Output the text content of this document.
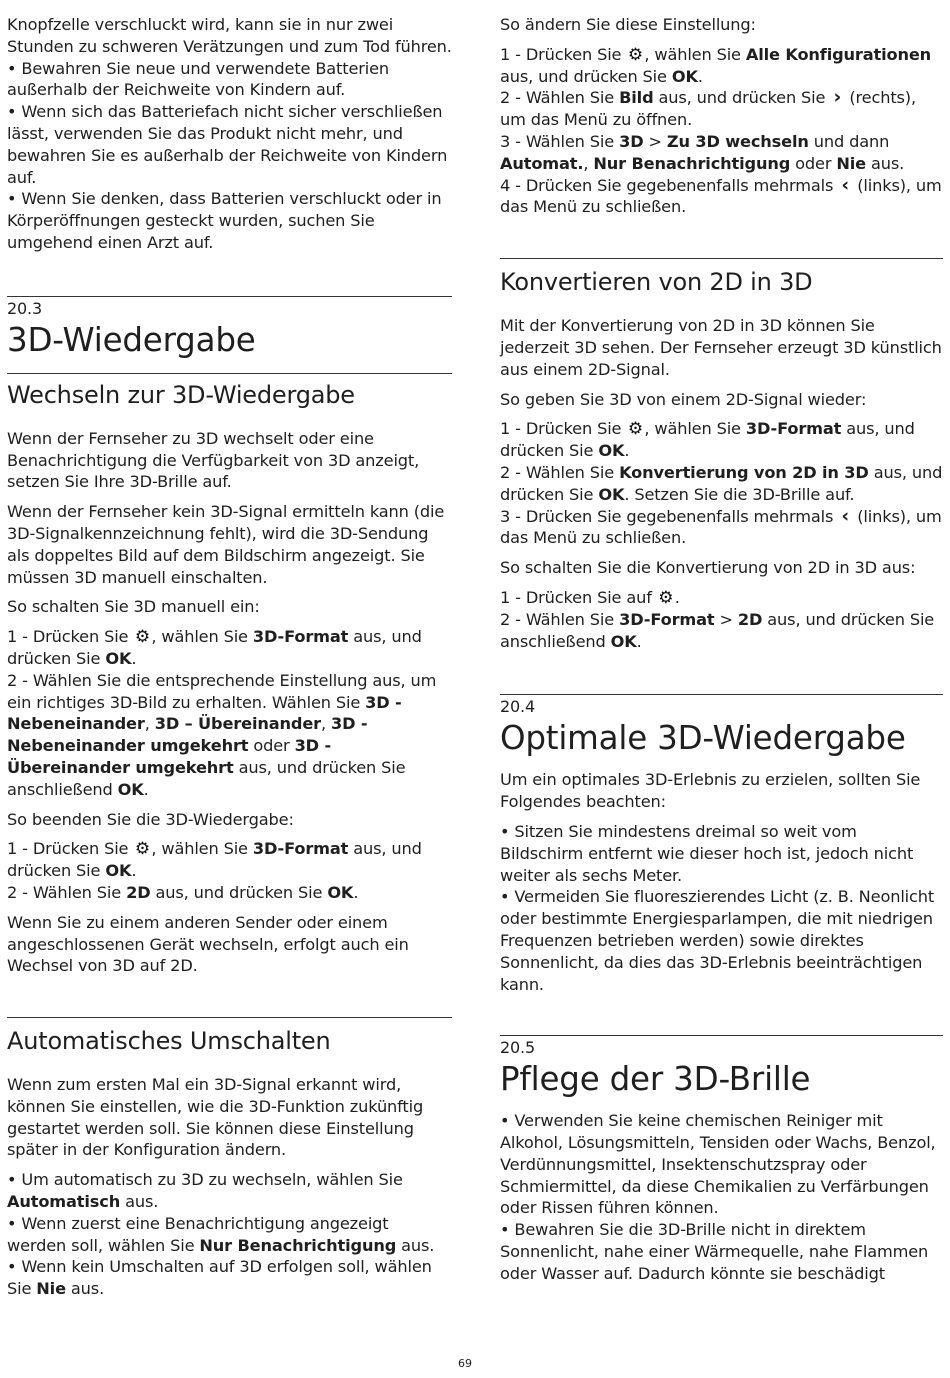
Knopfzelle verschluckt wird, kann sie in nur zwei Stunden zu schweren Verätzungen und zum Tod führen.

• Bewahren Sie neue und verwendete Batterien außerhalb der Reichweite von Kindern auf.

• Wenn sich das Batteriefach nicht sicher verschließen lässt, verwenden Sie das Produkt nicht mehr, und bewahren Sie es außerhalb der Reichweite von Kindern auf.

• Wenn Sie denken, dass Batterien verschluckt oder in Körperöffnungen gesteckt wurden, suchen Sie umgehend einen Arzt auf.

20.3

3D-Wiedergabe
Wechseln zur 3D-Wiedergabe

Wenn der Fernseher zu 3D wechselt oder eine Benachrichtigung die Verfügbarkeit von 3D anzeigt, setzen Sie Ihre 3D-Brille auf.

Wenn der Fernseher kein 3D-Signal ermitteln kann (die 3D-Signalkennzeichnung fehlt), wird die 3D-Sendung als doppeltes Bild auf dem Bildschirm angezeigt. Sie müssen 3D manuell einschalten.

So schalten Sie 3D manuell ein:

1 - Drücken Sie ⚙, wählen Sie 3D-Format aus, und drücken Sie OK.
2 - Wählen Sie die entsprechende Einstellung aus, um ein richtiges 3D-Bild zu erhalten. Wählen Sie 3D - Nebeneinander, 3D – Übereinander, 3D - Nebeneinander umgekehrt oder 3D - Übereinander umgekehrt aus, und drücken Sie anschließend OK.

So beenden Sie die 3D-Wiedergabe:

1 - Drücken Sie ⚙, wählen Sie 3D-Format aus, und drücken Sie OK.
2 - Wählen Sie 2D aus, und drücken Sie OK.

Wenn Sie zu einem anderen Sender oder einem angeschlossenen Gerät wechseln, erfolgt auch ein Wechsel von 3D auf 2D.

Automatisches Umschalten

Wenn zum ersten Mal ein 3D-Signal erkannt wird, können Sie einstellen, wie die 3D-Funktion zukünftig gestartet werden soll. Sie können diese Einstellung später in der Konfiguration ändern.

• Um automatisch zu 3D zu wechseln, wählen Sie Automatisch aus.
• Wenn zuerst eine Benachrichtigung angezeigt werden soll, wählen Sie Nur Benachrichtigung aus.
• Wenn kein Umschalten auf 3D erfolgen soll, wählen Sie Nie aus.

So ändern Sie diese Einstellung:

1 - Drücken Sie ⚙, wählen Sie Alle Konfigurationen aus, und drücken Sie OK.
2 - Wählen Sie Bild aus, und drücken Sie › (rechts), um das Menü zu öffnen.
3 - Wählen Sie 3D > Zu 3D wechseln und dann Automat., Nur Benachrichtigung oder Nie aus.
4 - Drücken Sie gegebenenfalls mehrmals ‹ (links), um das Menü zu schließen.

Konvertieren von 2D in 3D

Mit der Konvertierung von 2D in 3D können Sie jederzeit 3D sehen. Der Fernseher erzeugt 3D künstlich aus einem 2D-Signal.

So geben Sie 3D von einem 2D-Signal wieder:

1 - Drücken Sie ⚙, wählen Sie 3D-Format aus, und drücken Sie OK.
2 - Wählen Sie Konvertierung von 2D in 3D aus, und drücken Sie OK. Setzen Sie die 3D-Brille auf.
3 - Drücken Sie gegebenenfalls mehrmals ‹ (links), um das Menü zu schließen.

So schalten Sie die Konvertierung von 2D in 3D aus:

1 - Drücken Sie auf ⚙.
2 - Wählen Sie 3D-Format > 2D aus, und drücken Sie anschließend OK.

20.4

Optimale 3D-Wiedergabe

Um ein optimales 3D-Erlebnis zu erzielen, sollten Sie Folgendes beachten:

• Sitzen Sie mindestens dreimal so weit vom Bildschirm entfernt wie dieser hoch ist, jedoch nicht weiter als sechs Meter.

• Vermeiden Sie fluoreszierendes Licht (z. B. Neonlicht oder bestimmte Energiesparlampen, die mit niedrigen Frequenzen betrieben werden) sowie direktes Sonnenlicht, da dies das 3D-Erlebnis beeinträchtigen kann.

20.5

Pflege der 3D-Brille

• Verwenden Sie keine chemischen Reiniger mit Alkohol, Lösungsmitteln, Tensiden oder Wachs, Benzol, Verdünnungsmittel, Insektenschutzspray oder Schmiermittel, da diese Chemikalien zu Verfärbungen oder Rissen führen können.

• Bewahren Sie die 3D-Brille nicht in direktem Sonnenlicht, nahe einer Wärmequelle, nahe Flammen oder Wasser auf. Dadurch könnte sie beschädigt

69
